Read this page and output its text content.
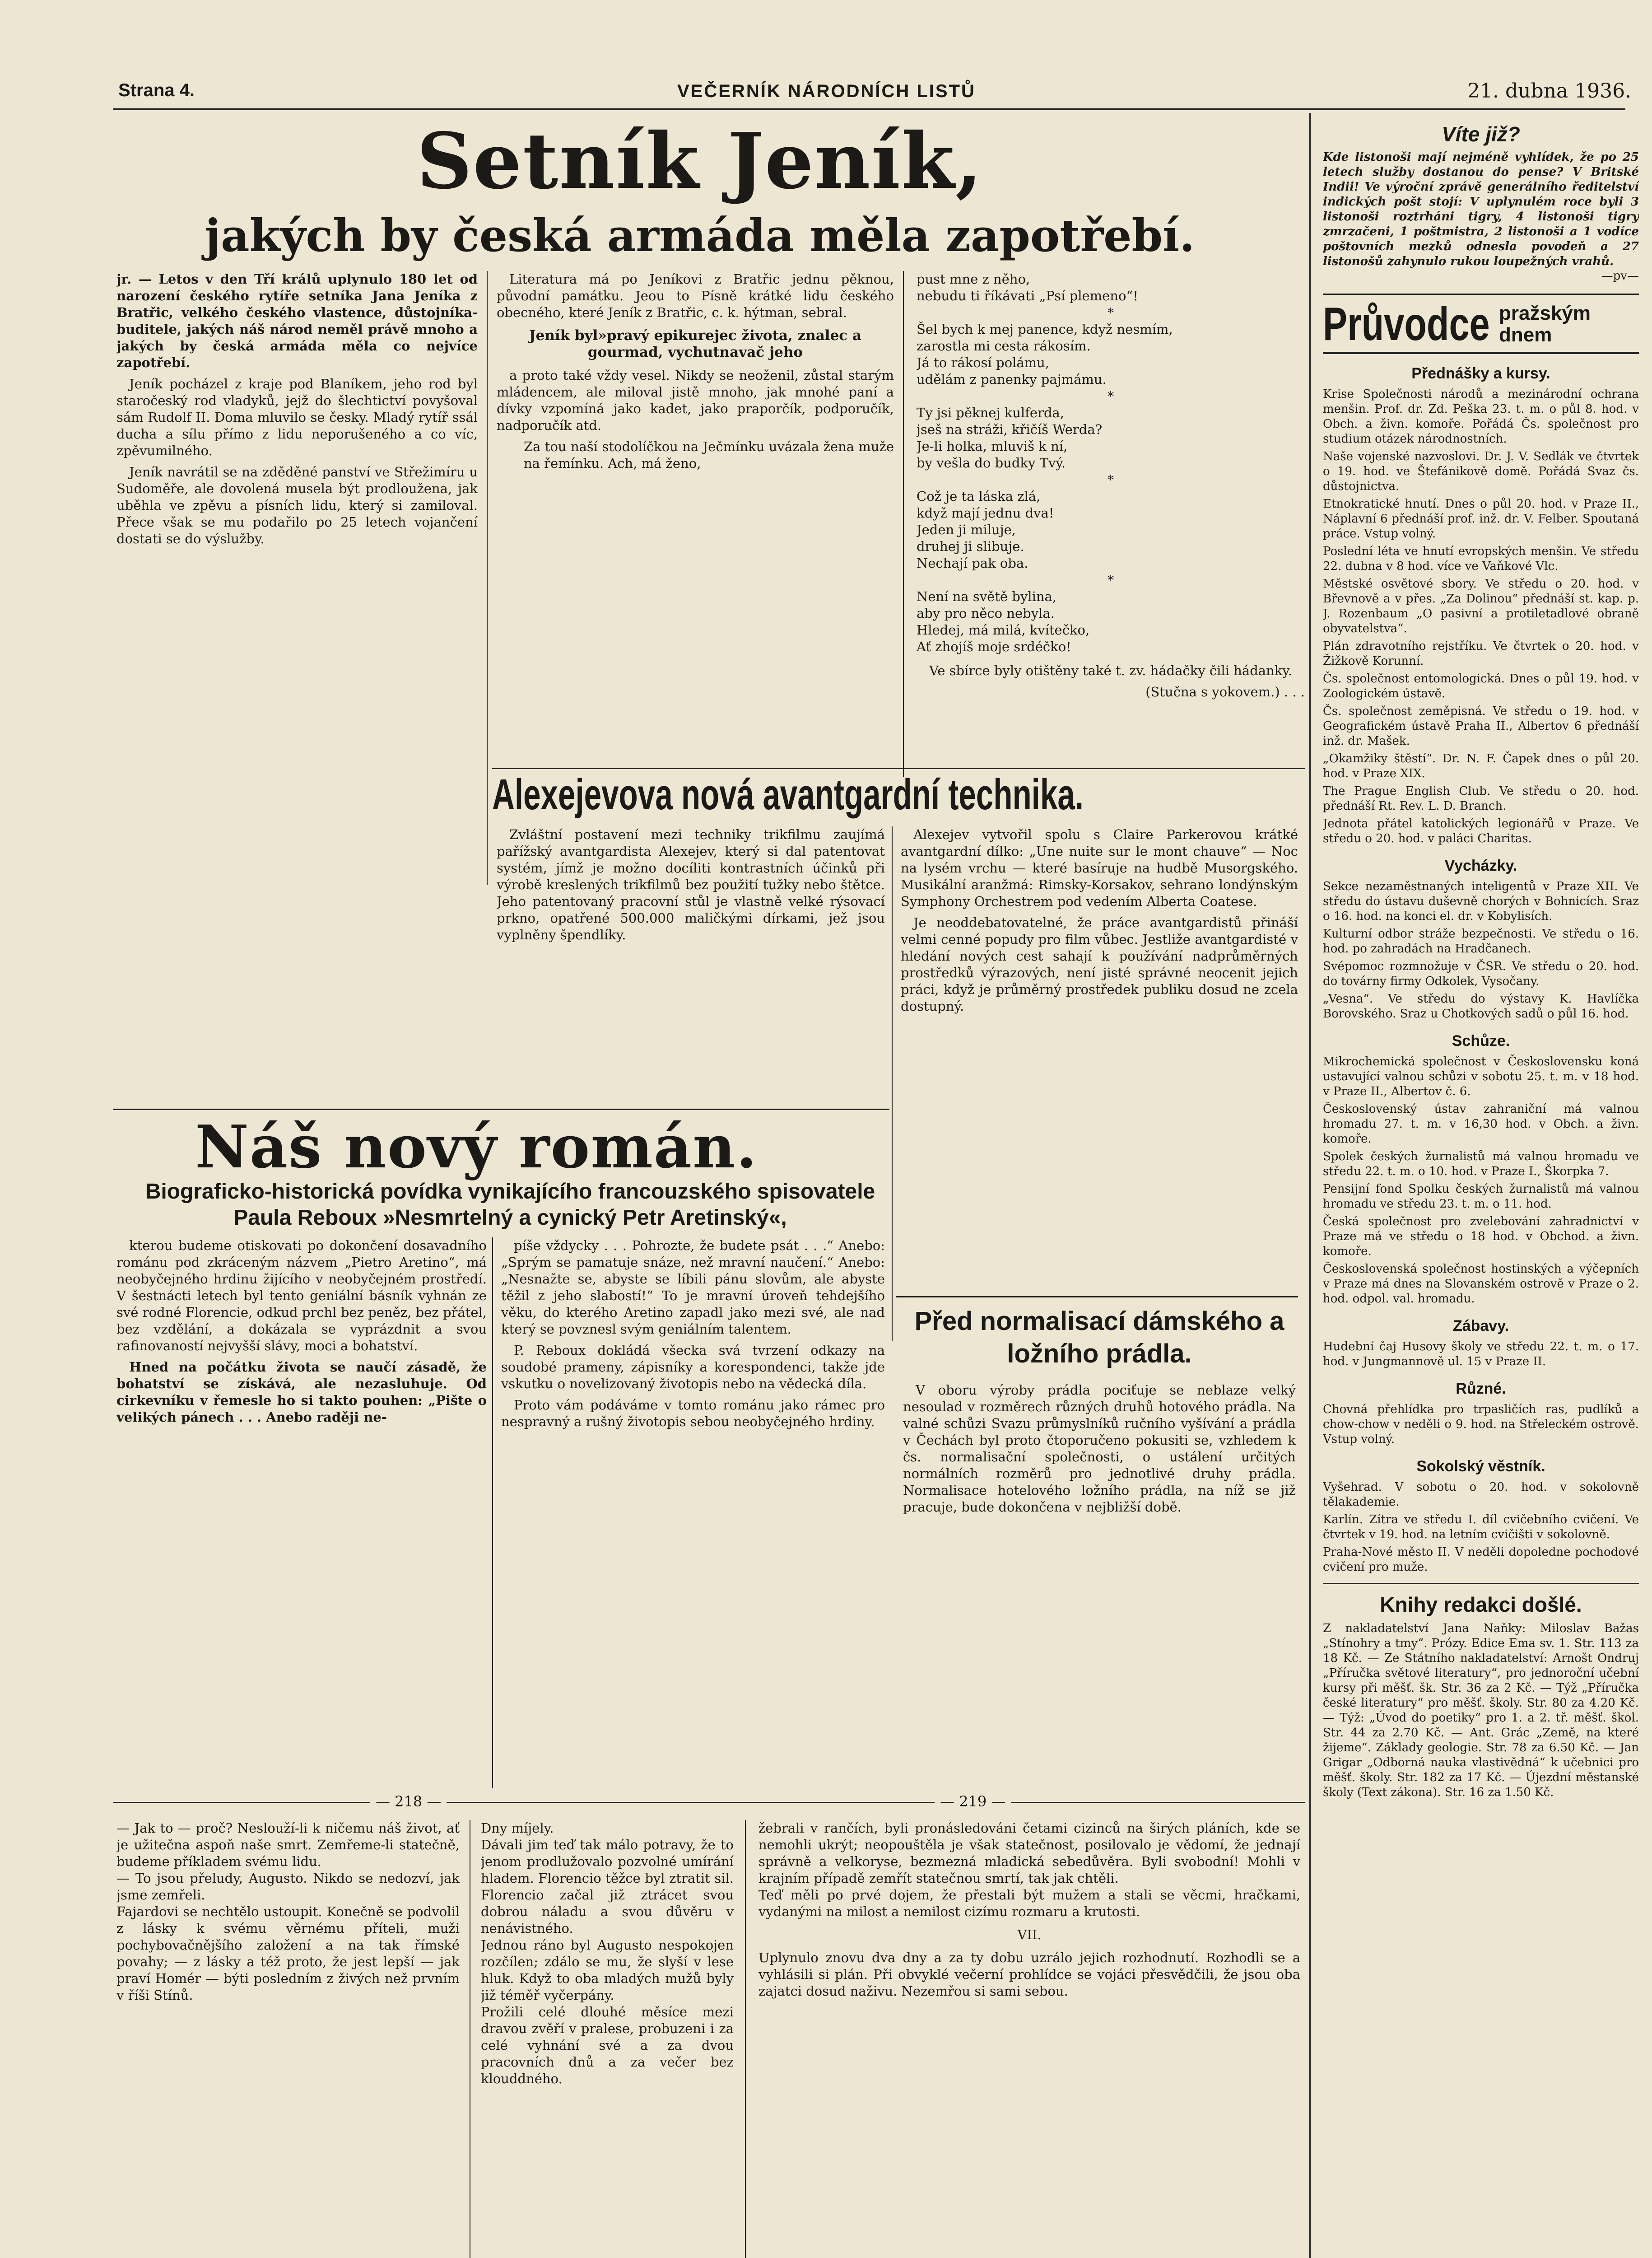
Strana 4.	VEČERNÍK NÁRODNÍCH LISTŮ	21. dubna 1936.
Setník Jeník,
jakých by česká armáda měla zapotřebí.

jr. — Letos v den Tří králů uplynulo 180 let od narození českého rytíře setníka Jana Jeníka z Bratřic, velkého českého vlastence, důstojníka-buditele, jakých náš národ neměl právě mnoho a jakých by česká armáda měla co nejvíce zapotřebí.

Jeník pocházel z kraje pod Blaníkem, jeho rod byl staročeský rod vladyků, jejž do šlechtictví povyšoval sám Rudolf II. Doma mluvilo se česky. Mladý rytíř ssál ducha a sílu přímo z lidu neporušeného a co víc, zpěvumilného.

Jeník navrátil se na zděděné panství ve Střežimíru u Sudoměře, ale dovolená musela být prodloužena, jak uběhla ve zpěvu a písních lidu, který si zamiloval. Přece však se mu podařilo po 25 letech vojančení dostati se do výslužby.

Literatura má po Jeníkovi z Bratřic jednu pěknou, původní památku. Jeou to Písně krátké lidu českého obecného, které Jeník z Bratřic, c. k. hýtman, sebral.

Jeník byl»pravý epikurejec života, znalec a gourmad, vychutnavač jeho

a proto také vždy vesel. Nikdy se neoženil, zůstal starým mládencem, ale miloval jistě mnoho, jak mnohé paní a dívky vzpomíná jako kadet, jako praporčík, podporučík, nadporučík atd.

Za tou naší stodolíčkou na Ječmínku uvázala žena muže na řemínku. Ach, má ženo,

pust mne z něho,
nebudu ti říkávati „Psí plemeno“!
*
Šel bych k mej panence, když nesmím,
zarostla mi cesta rákosím.
Já to rákosí polámu,
udělám z panenky pajmámu.
*
Ty jsi pěknej kulferda,
jseš na stráži, křičíš Werda?
Je-li holka, mluviš k ní,
by vešla do budky Tvý.
*
Což je ta láska zlá,
když mají jednu dva!
Jeden ji miluje,
druhej ji slibuje.
Nechají pak oba.
*
Není na světě bylina,
aby pro něco nebyla.
Hledej, má milá, kvítečko,
Ať zhojíš moje srdéčko!

Ve sbírce byly otištěny také t. zv. hádačky čili hádanky.

(Stučna s yokovem.) . . .
Alexejevova nová avantgardní technika.

Zvláštní postavení mezi techniky trikfilmu zaujímá pařížský avantgardista Alexejev, který si dal patentovat systém, jímž je možno docíliti kontrastních účinků při výrobě kreslených trikfilmů bez použití tužky nebo štětce. Jeho patentovaný pracovní stůl je vlastně velké rýsovací prkno, opatřené 500.000 maličkými dírkami, jež jsou vyplněny špendlíky.

Alexejev vytvořil spolu s Claire Parkerovou krátké avantgardní dílko: „Une nuite sur le mont chauve“ — Noc na lysém vrchu — které basíruje na hudbě Musorgského. Musikální aranžmá: Rimsky-Korsakov, sehrano londýnským Symphony Orchestrem pod vedením Alberta Coatese.

Je neoddebatovatelné, že práce avantgardistů přináší velmi cenné popudy pro film vůbec. Jestliže avantgardisté v hledání nových cest sahají k používání nadprůměrných prostředků výrazových, není jisté správné neocenit jejich práci, když je průměrný prostředek publiku dosud ne zcela dostupný.

Náš nový román.
Biograficko-historická povídka vynikajícího francouzského spisovatele Paula Reboux »Nesmrtelný a cynický Petr Aretinský«,

kterou budeme otiskovati po dokončení dosavadního románu pod zkráceným názvem „Pietro Aretino“, má neobyčejného hrdinu žijícího v neobyčejném prostředí. V šestnácti letech byl tento geniální básník vyhnán ze své rodné Florencie, odkud prchl bez peněz, bez přátel, bez vzdělání, a dokázala se vyprázdnit a svou rafinovaností nejvyšší slávy, moci a bohatství.

Hned na počátku života se naučí zásadě, že bohatství se získává, ale nezasluhuje. Od cirkevníku v řemesle ho si takto pouhen: „Pište o velikých pánech . . . Anebo raději ne-

píše vždycky . . . Pohrozte, že budete psát . . .“ Anebo: „Sprým se pamatuje snáze, než mravní naučení.“ Anebo: „Nesnažte se, abyste se líbili pánu slovům, ale abyste těžil z jeho slabostí!“ To je mravní úroveň tehdejšího věku, do kterého Aretino zapadl jako mezi své, ale nad který se povznesl svým geniálním talentem.

P. Reboux dokládá všecka svá tvrzení odkazy na soudobé prameny, zápisníky a korespondenci, takže jde vskutku o novelizovaný životopis nebo na vědecká díla.

Proto vám podáváme v tomto románu jako rámec pro nespravný a rušný životopis sebou neobyčejného hrdiny.

Před normalisací dámského a ložního prádla.

V oboru výroby prádla pociťuje se neblaze velký nesoulad v rozměrech různých druhů hotového prádla. Na valné schůzi Svazu průmyslníků ručního vyšívání a prádla v Čechách byl proto čtoporučeno pokusiti se, vzhledem k čs. normalisační společnosti, o ustálení určitých normálních rozměrů pro jednotlivé druhy prádla. Normalisace hotelového ložního prádla, na níž se již pracuje, bude dokončena v nejbližší době.

Víte již?
Kde listonoši mají nejméně vyhlídek, že po 25 letech služby dostanou do pense? V Britské Indii! Ve výroční zprávě generálního ředitelství indických pošt stojí: V uplynulém roce byli 3 listonoši roztrháni tigry, 4 listonoši tigry zmrzačeni, 1 poštmistra, 2 listonoši a 1 vodíce poštovních mezků odnesla povodeň a 27 listonošů zahynulo rukou loupežných vrahů.
—pv—
Průvodce pražským
dnem
Přednášky a kursy.
Krise Společnosti národů a mezinárodní ochrana menšin. Prof. dr. Zd. Peška 23. t. m. o půl 8. hod. v Obch. a živn. komoře. Pořádá Čs. společnost pro studium otázek národnostních.
Naše vojenské nazvoslovi. Dr. J. V. Sedlák ve čtvrtek o 19. hod. ve Štefánikově domě. Pořádá Svaz čs. důstojnictva.
Etnokratické hnutí. Dnes o půl 20. hod. v Praze II., Náplavní 6 přednáší prof. inž. dr. V. Felber. Spoutaná práce. Vstup volný.
Poslední léta ve hnutí evropských menšin. Ve středu 22. dubna v 8 hod. více ve Vaňkové Vlc.
Městské osvětové sbory. Ve středu o 20. hod. v Břevnově a v přes. „Za Dolinou“ přednáší st. kap. p. J. Rozenbaum „O pasivní a protiletadlové obraně obyvatelstva“.
Plán zdravotního rejstříku. Ve čtvrtek o 20. hod. v Žižkově Korunní.
Čs. společnost entomologická. Dnes o půl 19. hod. v Zoologickém ústavě.
Čs. společnost zeměpisná. Ve středu o 19. hod. v Geografickém ústavě Praha II., Albertov 6 přednáší inž. dr. Mašek.
„Okamžiky štěstí“. Dr. N. F. Čapek dnes o půl 20. hod. v Praze XIX.
The Prague English Club. Ve středu o 20. hod. přednáší Rt. Rev. L. D. Branch.
Jednota přátel katolických legionářů v Praze. Ve středu o 20. hod. v paláci Charitas.
Vycházky.
Sekce nezaměstnaných inteligentů v Praze XII. Ve středu do ústavu duševně chorých v Bohnicích. Sraz o 16. hod. na konci el. dr. v Kobylisích.
Kulturní odbor stráže bezpečnosti. Ve středu o 16. hod. po zahradách na Hradčanech.
Svépomoc rozmnožuje v ČSR. Ve středu o 20. hod. do továrny firmy Odkolek, Vysočany.
„Vesna“. Ve středu do výstavy K. Havlíčka Borovského. Sraz u Chotkových sadů o půl 16. hod.
Schůze.
Mikrochemická společnost v Československu koná ustavující valnou schůzi v sobotu 25. t. m. v 18 hod. v Praze II., Albertov č. 6.
Československý ústav zahraniční má valnou hromadu 27. t. m. v 16,30 hod. v Obch. a živn. komoře.
Spolek českých žurnalistů má valnou hromadu ve středu 22. t. m. o 10. hod. v Praze I., Škorpka 7.
Pensijní fond Spolku českých žurnalistů má valnou hromadu ve středu 23. t. m. o 11. hod.
Česká společnost pro zvelebování zahradnictví v Praze má ve středu o 18 hod. v Obchod. a živn. komoře.
Československá společnost hostinských a výčepních v Praze má dnes na Slovanském ostrově v Praze o 2. hod. odpol. val. hromadu.
Zábavy.
Hudební čaj Husovy školy ve středu 22. t. m. o 17. hod. v Jungmannově ul. 15 v Praze II.
Různé.
Chovná přehlídka pro trpasličích ras, pudlíků a chow-chow v neděli o 9. hod. na Střeleckém ostrově. Vstup volný.
Sokolský věstník.
Vyšehrad. V sobotu o 20. hod. v sokolovně tělakademie.
Karlín. Zítra ve středu I. díl cvičebního cvičení. Ve čtvrtek v 19. hod. na letním cvičišti v sokolovně.
Praha-Nové město II. V neděli dopoledne pochodové cvičení pro muže.
Knihy redakci došlé.
Z nakladatelství Jana Naňky: Miloslav Bažas „Stínohry a tmy“. Prózy. Edice Ema sv. 1. Str. 113 za 18 Kč. — Ze Státního nakladatelství: Arnošt Ondruj „Příručka světové literatury“, pro jednoroční učební kursy při měšť. šk. Str. 36 za 2 Kč. — Týž „Příručka české literatury“ pro měšť. školy. Str. 80 za 4.20 Kč. — Týž: „Úvod do poetiky“ pro 1. a 2. tř. měšť. škol. Str. 44 za 2.70 Kč. — Ant. Grác „Země, na které žijeme“. Základy geologie. Str. 78 za 6.50 Kč. — Jan Grigar „Odborná nauka vlastivědná“ k učebnici pro měšť. školy. Str. 182 za 17 Kč. — Újezdní městanské školy (Text zákona). Str. 16 za 1.50 Kč.
— 218 —	— 219 —
— Jak to — proč? Neslouží-li k ničemu náš život, ať je užitečna aspoň naše smrt. Zemřeme-li statečně, budeme příkladem svému lidu.
— To jsou přeludy, Augusto. Nikdo se nedozví, jak jsme zemřeli.
Fajardovi se nechtělo ustoupit. Konečně se podvolil z lásky k svému věrnému příteli, muži pochybovačnějšího založení a na tak římské povahy; — z lásky a též proto, že jest lepší — jak praví Homér — býti posledním z živých než prvním v říši Stínů.
Dny míjely.
Dávali jim teď tak málo potravy, že to jenom prodlužovalo pozvolné umírání hladem. Florencio těžce byl ztratit sil. Florencio začal již ztrácet svou dobrou náladu a svou důvěru v nenávistného.
Jednou ráno byl Augusto nespokojen rozčílen; zdálo se mu, že slyší v lese hluk. Když to oba mladých mužů byly již téměř vyčerpány.
Prožili celé dlouhé měsíce mezi dravou zvěří v pralese, probuzeni i za celé vyhnání své a za dvou pracovních dnů a za večer bez klouddného.
žebrali v rančích, byli pronásledováni četami cizinců na širých pláních, kde se nemohli ukrýt; neopouštěla je však statečnost, posilovalo je vědomí, že jednají správně a velkoryse, bezmezná mladická sebedůvěra. Byli svobodní! Mohli v krajním případě zemřít statečnou smrtí, tak jak chtěli.
Teď měli po prvé dojem, že přestali být mužem a stali se věcmi, hračkami, vydanými na milost a nemilost cizímu rozmaru a krutosti.
VII.
Uplynulo znovu dva dny a za ty dobu uzrálo jejich rozhodnutí. Rozhodli se a vyhlásili si plán. Při obvyklé večerní prohlídce se vojáci přesvědčili, že jsou oba zajatci dosud naživu. Nezemřou si sami sebou.
